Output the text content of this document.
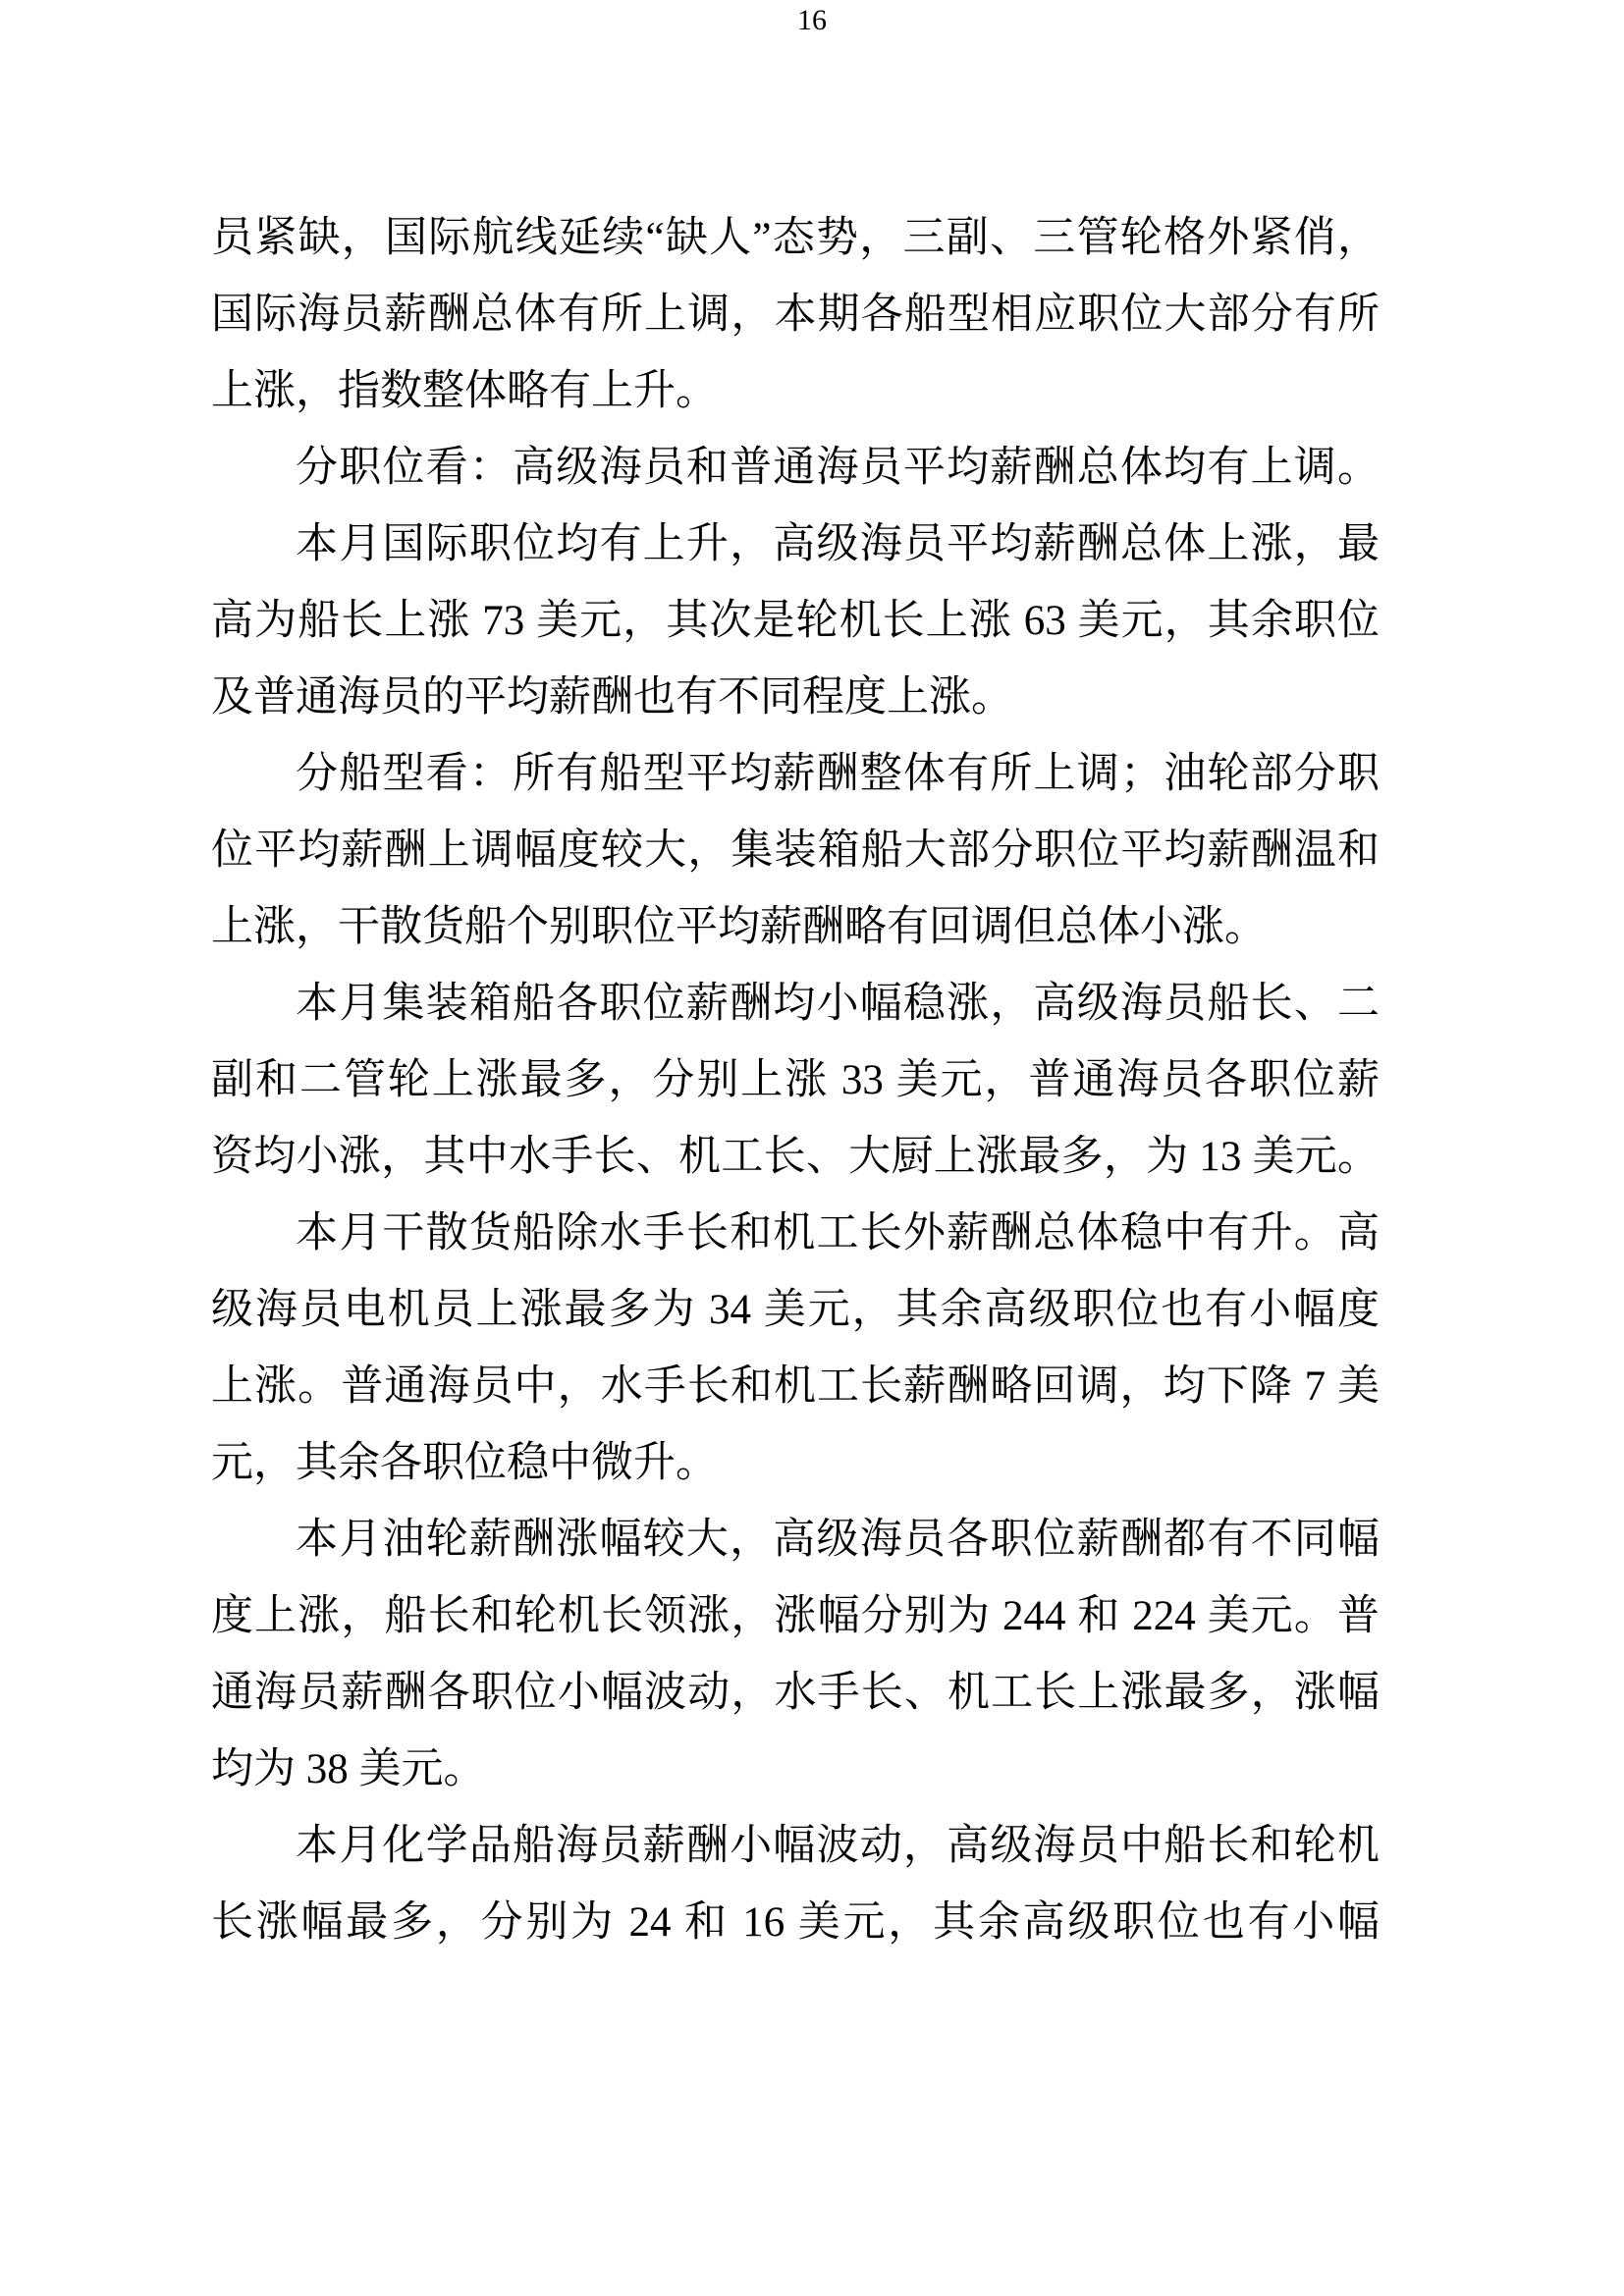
16
员紧缺，国际航线延续“缺人”态势，三副、三管轮格外紧俏，
国际海员薪酬总体有所上调，本期各船型相应职位大部分有所
上涨，指数整体略有上升。
分职位看：高级海员和普通海员平均薪酬总体均有上调。
本月国际职位均有上升，高级海员平均薪酬总体上涨，最
高为船长上涨 73 美元，其次是轮机长上涨 63 美元，其余职位
及普通海员的平均薪酬也有不同程度上涨。
分船型看：所有船型平均薪酬整体有所上调；油轮部分职
位平均薪酬上调幅度较大，集装箱船大部分职位平均薪酬温和
上涨，干散货船个别职位平均薪酬略有回调但总体小涨。
本月集装箱船各职位薪酬均小幅稳涨，高级海员船长、二
副和二管轮上涨最多，分别上涨 33 美元，普通海员各职位薪
资均小涨，其中水手长、机工长、大厨上涨最多，为 13 美元。
本月干散货船除水手长和机工长外薪酬总体稳中有升。高
级海员电机员上涨最多为 34 美元，其余高级职位也有小幅度
上涨。普通海员中，水手长和机工长薪酬略回调，均下降 7 美
元，其余各职位稳中微升。
本月油轮薪酬涨幅较大，高级海员各职位薪酬都有不同幅
度上涨，船长和轮机长领涨，涨幅分别为 244 和 224 美元。普
通海员薪酬各职位小幅波动，水手长、机工长上涨最多，涨幅
均为 38 美元。
本月化学品船海员薪酬小幅波动，高级海员中船长和轮机
长涨幅最多，分别为 24 和 16 美元，其余高级职位也有小幅
